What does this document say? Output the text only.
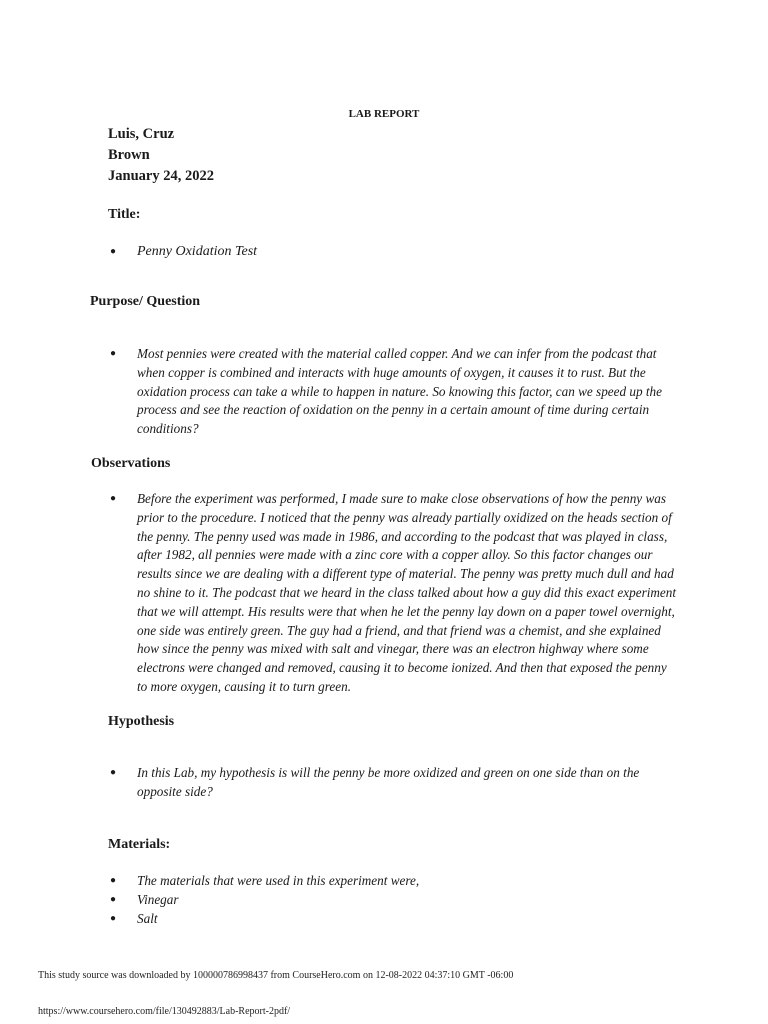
LAB REPORT
Luis, Cruz
Brown
January 24, 2022
Title:
● Penny Oxidation Test
Purpose/ Question
● Most pennies were created with the material called copper. And we can infer from the podcast that when copper is combined and interacts with huge amounts of oxygen, it causes it to rust. But the oxidation process can take a while to happen in nature. So knowing this factor, can we speed up the process and see the reaction of oxidation on the penny in a certain amount of time during certain conditions?
Observations
● Before the experiment was performed, I made sure to make close observations of how the penny was prior to the procedure. I noticed that the penny was already partially oxidized on the heads section of the penny. The penny used was made in 1986, and according to the podcast that was played in class, after 1982, all pennies were made with a zinc core with a copper alloy. So this factor changes our results since we are dealing with a different type of material. The penny was pretty much dull and had no shine to it. The podcast that we heard in the class talked about how a guy did this exact experiment that we will attempt. His results were that when he let the penny lay down on a paper towel overnight, one side was entirely green. The guy had a friend, and that friend was a chemist, and she explained how since the penny was mixed with salt and vinegar, there was an electron highway where some electrons were changed and removed, causing it to become ionized. And then that exposed the penny to more oxygen, causing it to turn green.
Hypothesis
● In this Lab, my hypothesis is will the penny be more oxidized and green on one side than on the opposite side?
Materials:
● The materials that were used in this experiment were,
● Vinegar
● Salt
This study source was downloaded by 100000786998437 from CourseHero.com on 12-08-2022 04:37:10 GMT -06:00
https://www.coursehero.com/file/130492883/Lab-Report-2pdf/
